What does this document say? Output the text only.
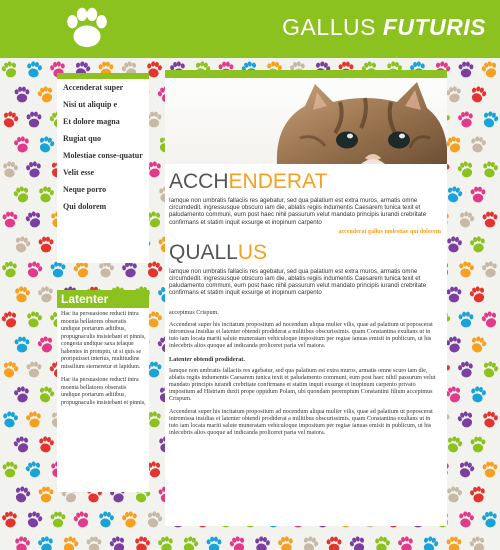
GALLUS FUTURIS
Accenderat super
Nisi ut aliquip e
Et dolore magna
Rugiat quo
Molestiae conse-quatur
Velit esse
Neque porro
Qui dolorem
Latenter

Hac ita persuasione reducti intra moenia bellatores obseratis undique portarum aditibus, propugnaculis insistebant et pinnis, congesta undique saxa telaque habentes in promptu, ut si quis se proripuisset interius, multitudine missilium sterneretur et lapidum.

Hac ita persuasione reducti intra moenia bellatores obseratis undique portarum aditibus, propugnaculis insistebant et pinnis,

ACCHENDERAT

Iamque non umbratis fallaciis res agebatur, sed qua palatium est extra muros, armatis omne circumdedit. ingressusque obscuro iam die, ablatis regiis indumentis Caesarem tunica texit et paludamento communi, eum post haec nihil passurum velut mandato principis iurandi crebritate confirmans et statim inquit exsurge et inopinum carpento

accenderat gallus molestiae qui dolorem

QUALLUS

Iamque non umbratis fallaciis res agebatur, sed qua palatium est extra muros, armatis omne circumdedit. ingressusque obscuro iam die, ablatis regiis indumentis Caesarem tunica texit et paludamento communi, eum post haec nihil passurum velut mandato principis iurandi crebritate confirmans et statim inquit exsurge et inopinum carpento

accepimus Crispum.

Accenderat super his incitatum propositum ad nocendum aliqua mulier vilis, quae ad palatium ut poposcerat intromissa insidias ei latenter obtendi prodiderat a militibus obscurissimis. quam Constantina exultans ut in tuto iam locata mariti salute muneratam vehiculoque impositum per regiae ianuas emisit in publicum, ut his inlecebris alios quoque ad indicanda proliceret paria vel maiora.

Latenter obtendi prodiderat.

Iamque non umbratis fallaciis res agebatur, sed qua palatium est extra muros, armatis omne scuro iam die, ablatis regiis indumentis Caesarem tunica texit et paludamento communi, eum post haec nihil passurum velut mandato principis iurandi crebritate confirmans et statim inquit exsurge et inopinum carpento privato impositum ad Histriam duxit prope oppidum Polam, ubi quondam peremptum Constantini filium accepimus Crispum.

Accenderat super his incitatum propositum ad nocendum aliqua mulier vilis, quae ad palatium ut poposcerat intromissa insidias ei latenter obtendi prodiderat a militibus obscurissimis. quam Constantina exultans ut in tuto iam locata mariti salute muneratam vehiculoque impositum per regiae ianuas emisit in publicum, ut his inlecebris alios quoque ad indicanda proliceret paria vel maiora.
